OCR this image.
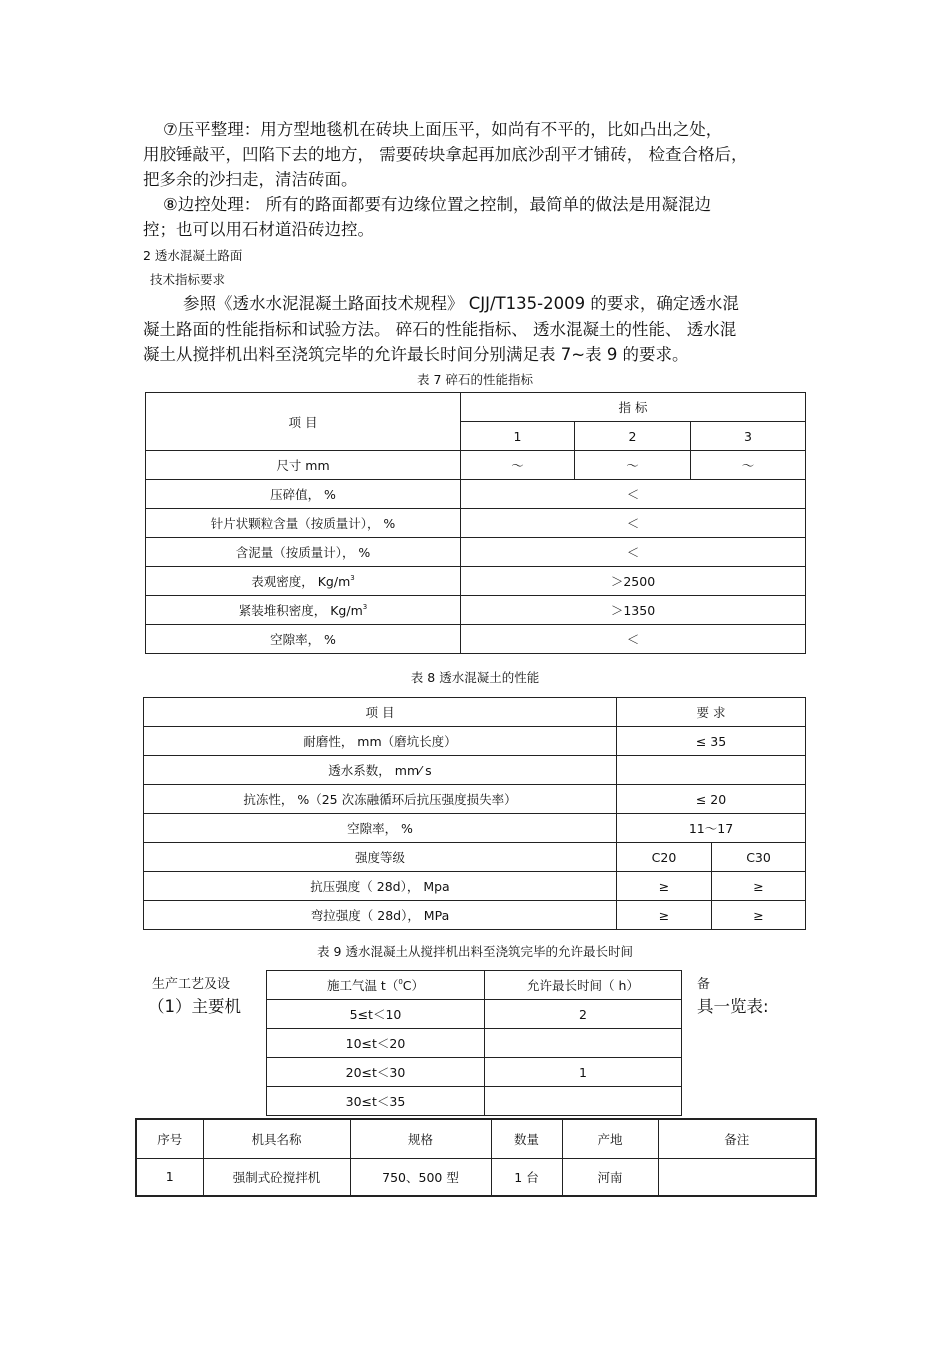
⑦压平整理：用方型地毯机在砖块上面压平，如尚有不平的，比如凸出之处，
用胶锤敲平，凹陷下去的地方， 需要砖块拿起再加底沙刮平才铺砖， 检查合格后，
把多余的沙扫走，清洁砖面。
⑧边控处理： 所有的路面都要有边缘位置之控制，最简单的做法是用凝混边
控；也可以用石材道沿砖边控。
2 透水混凝土路面
技术指标要求
参照《透水水泥混凝土路面技术规程》 CJJ/T135-2009 的要求，确定透水混
凝土路面的性能指标和试验方法。 碎石的性能指标、 透水混凝土的性能、 透水混
凝土从搅拌机出料至浇筑完毕的允许最长时间分别满足表 7~表 9 的要求。
表 7 碎石的性能指标
项 目	指 标		
	1	2	3
尺寸 mm	～	～	～
压碎值， %	＜		
针片状颗粒含量（按质量计）， %	＜		
含泥量（按质量计）， %	＜		
表观密度， $Kg/m^3$	＞2500		
紧装堆积密度， $Kg/m^3$	＞1350		
空隙率， %	＜		
表 8 透水混凝土的性能
项 目	要 求	
耐磨性， mm（磨坑长度）	≤ 35	
透水系数， mm⁄ s		
抗冻性， %（25 次冻融循环后抗压强度损失率）	≤ 20	
空隙率， %	11～17	
强度等级	C20	C30
抗压强度（ 28d）， Mpa	≥	≥
弯拉强度（ 28d）， MPa	≥	≥
表 9 透水混凝土从搅拌机出料至浇筑完毕的允许最长时间
生产工艺及设
（1）主要机
备
具一览表:
施工气温 t（$^0$C）	允许最长时间（ h）
5≤t＜10	2
10≤t＜20	
20≤t＜30	1
30≤t＜35	
序号	机具名称	规格	数量	产地	备注
1	强制式砼搅拌机	750、500 型	1 台	河南	
